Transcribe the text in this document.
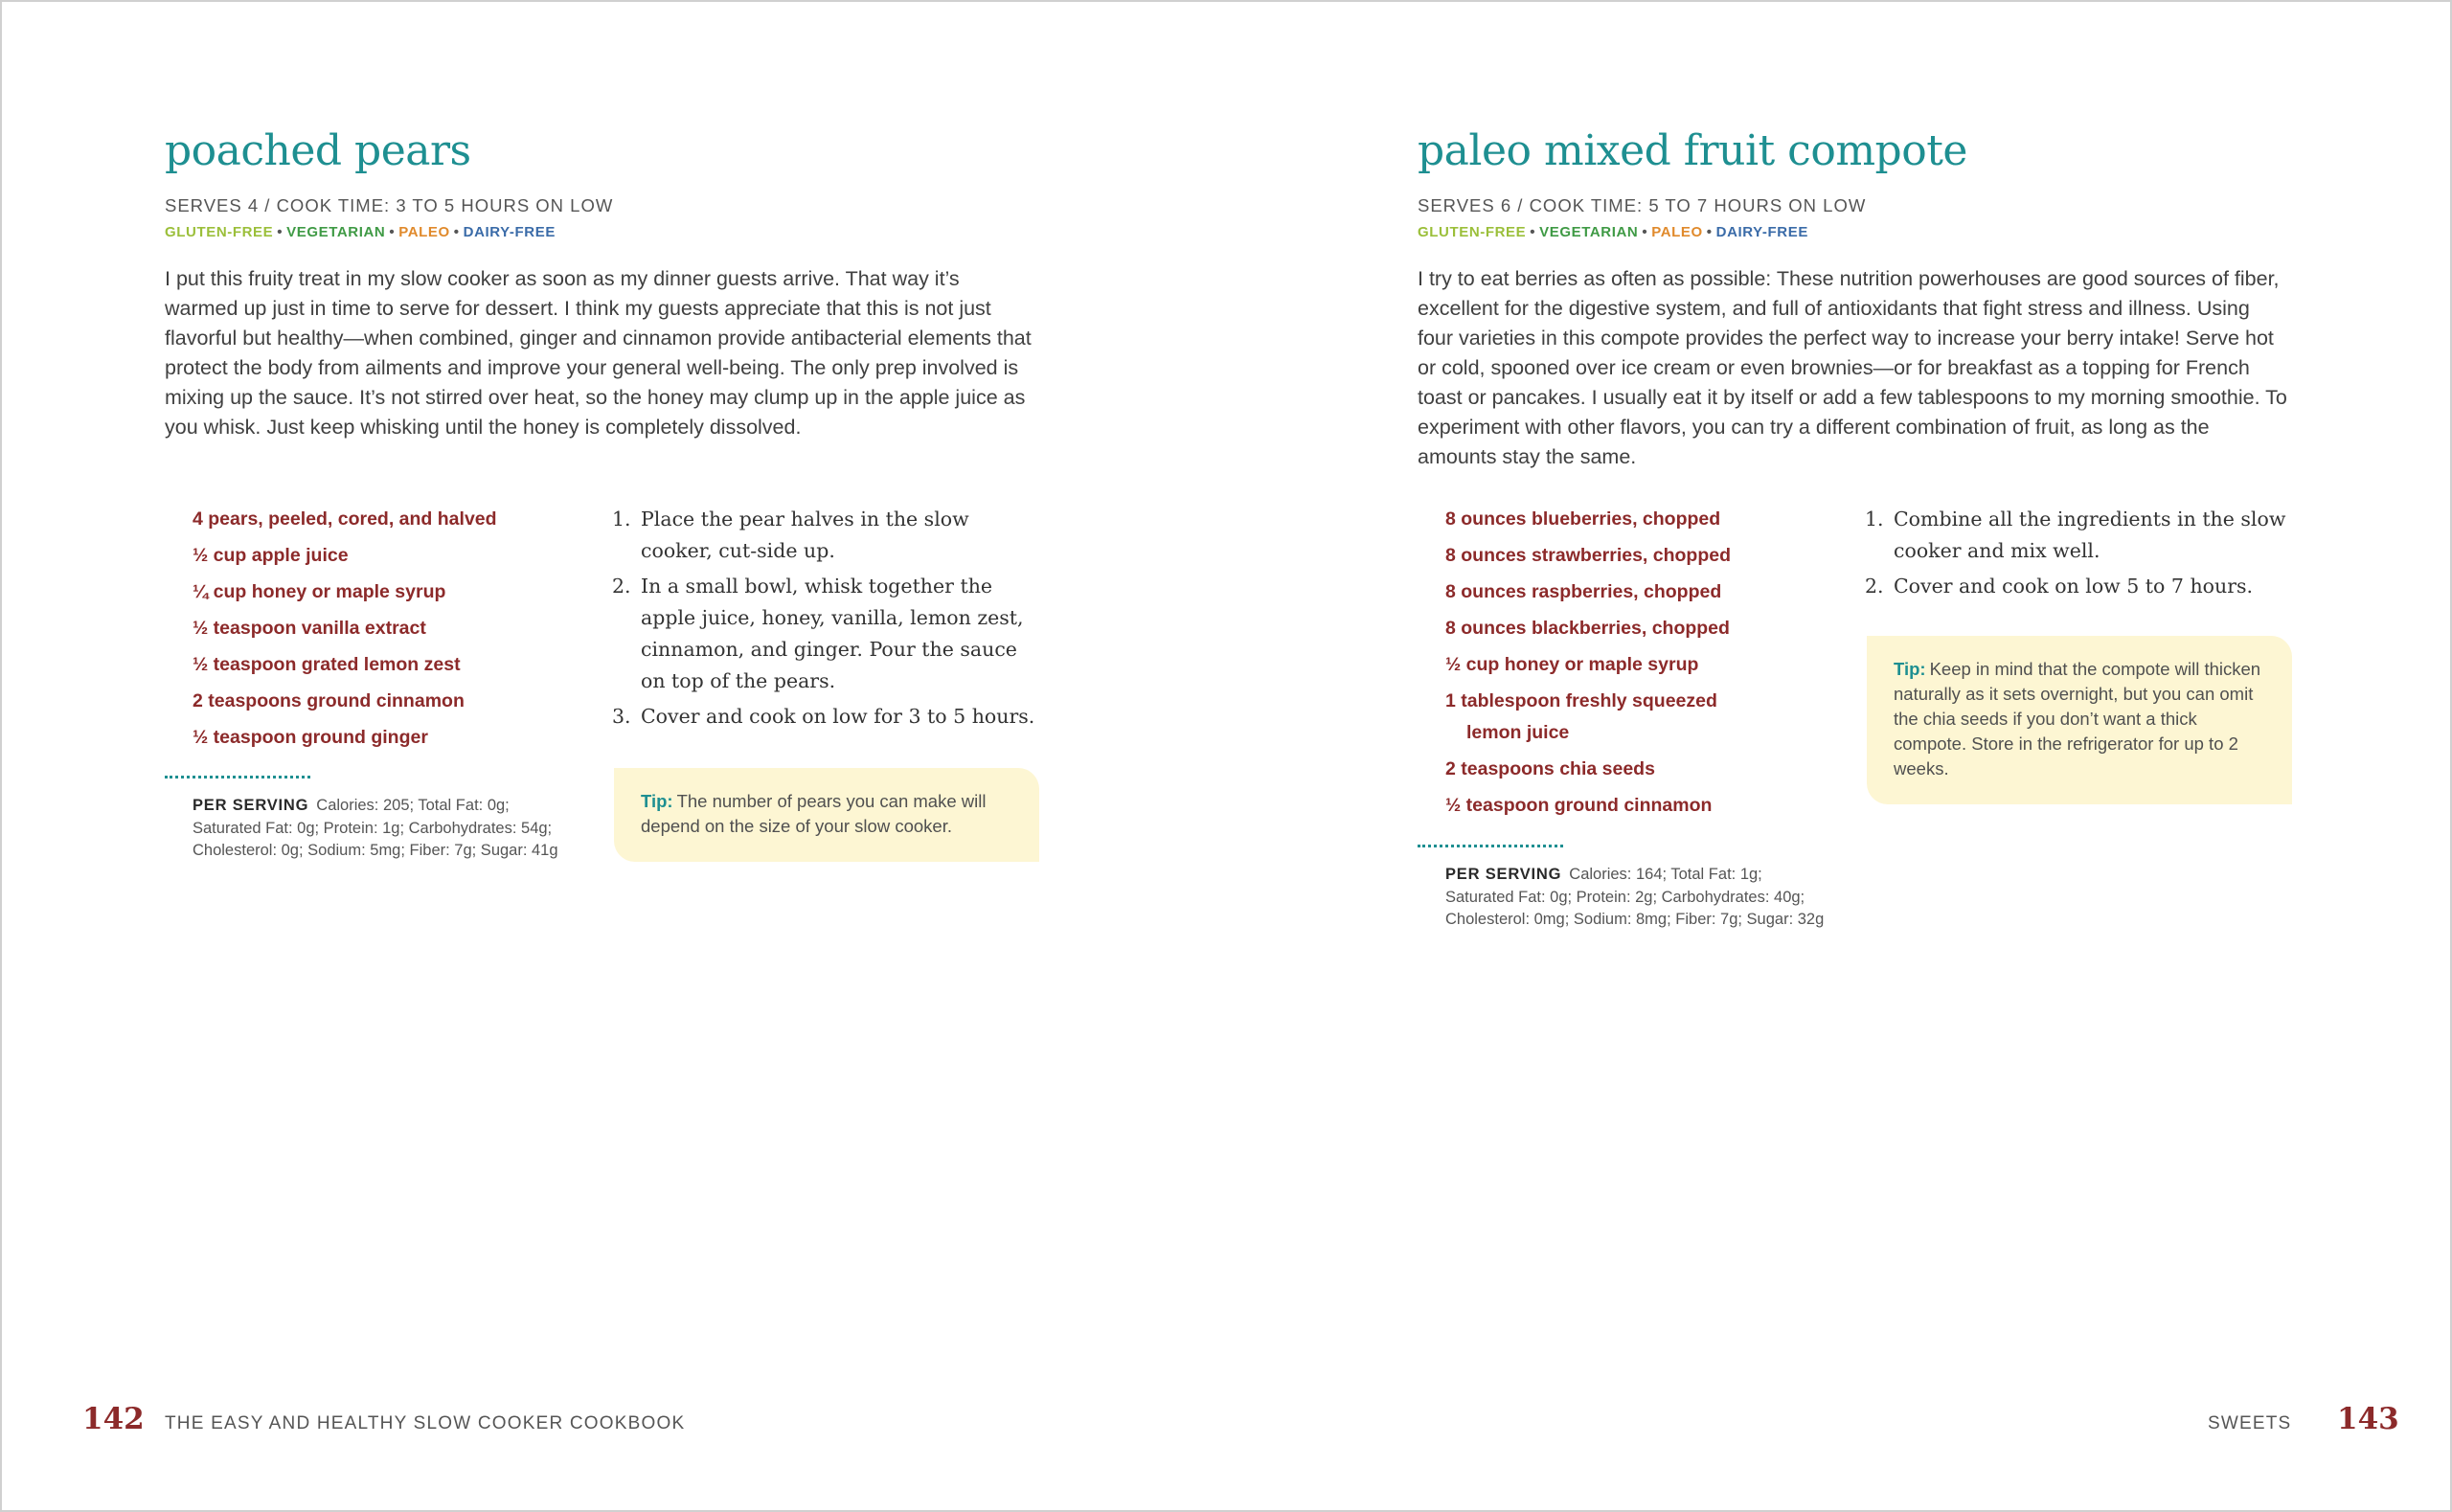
poached pears
SERVES 4 / COOK TIME: 3 TO 5 HOURS ON LOW
GLUTEN-FREE • VEGETARIAN • PALEO • DAIRY-FREE

I put this fruity treat in my slow cooker as soon as my dinner guests arrive. That way it’s warmed up just in time to serve for dessert. I think my guests appreciate that this is not just flavorful but healthy—when combined, ginger and cinnamon provide antibacterial elements that protect the body from ailments and improve your general well-being. The only prep involved is mixing up the sauce. It’s not stirred over heat, so the honey may clump up in the apple juice as you whisk. Just keep whisking until the honey is completely dissolved.

4 pears, peeled, cored, and halved
½ cup apple juice
¼ cup honey or maple syrup
½ teaspoon vanilla extract
½ teaspoon grated lemon zest
2 teaspoons ground cinnamon
½ teaspoon ground ginger
PER SERVING Calories: 205; Total Fat: 0g; Saturated Fat: 0g; Protein: 1g; Carbohydrates: 54g; Cholesterol: 0g; Sodium: 5mg; Fiber: 7g; Sugar: 41g
1. Place the pear halves in the slow cooker, cut-side up.
2. In a small bowl, whisk together the apple juice, honey, vanilla, lemon zest, cinnamon, and ginger. Pour the sauce on top of the pears.
3. Cover and cook on low for 3 to 5 hours.
Tip: The number of pears you can make will depend on the size of your slow cooker.
142 THE EASY AND HEALTHY SLOW COOKER COOKBOOK
paleo mixed fruit compote
SERVES 6 / COOK TIME: 5 TO 7 HOURS ON LOW
GLUTEN-FREE • VEGETARIAN • PALEO • DAIRY-FREE

I try to eat berries as often as possible: These nutrition powerhouses are good sources of fiber, excellent for the digestive system, and full of antioxidants that fight stress and illness. Using four varieties in this compote provides the perfect way to increase your berry intake! Serve hot or cold, spooned over ice cream or even brownies—or for breakfast as a topping for French toast or pancakes. I usually eat it by itself or add a few tablespoons to my morning smoothie. To experiment with other flavors, you can try a different combination of fruit, as long as the amounts stay the same.

8 ounces blueberries, chopped
8 ounces strawberries, chopped
8 ounces raspberries, chopped
8 ounces blackberries, chopped
½ cup honey or maple syrup
1 tablespoon freshly squeezed lemon juice
2 teaspoons chia seeds
½ teaspoon ground cinnamon
PER SERVING Calories: 164; Total Fat: 1g; Saturated Fat: 0g; Protein: 2g; Carbohydrates: 40g; Cholesterol: 0mg; Sodium: 8mg; Fiber: 7g; Sugar: 32g
1. Combine all the ingredients in the slow cooker and mix well.
2. Cover and cook on low 5 to 7 hours.
Tip: Keep in mind that the compote will thicken naturally as it sets overnight, but you can omit the chia seeds if you don’t want a thick compote. Store in the refrigerator for up to 2 weeks.
SWEETS 143
